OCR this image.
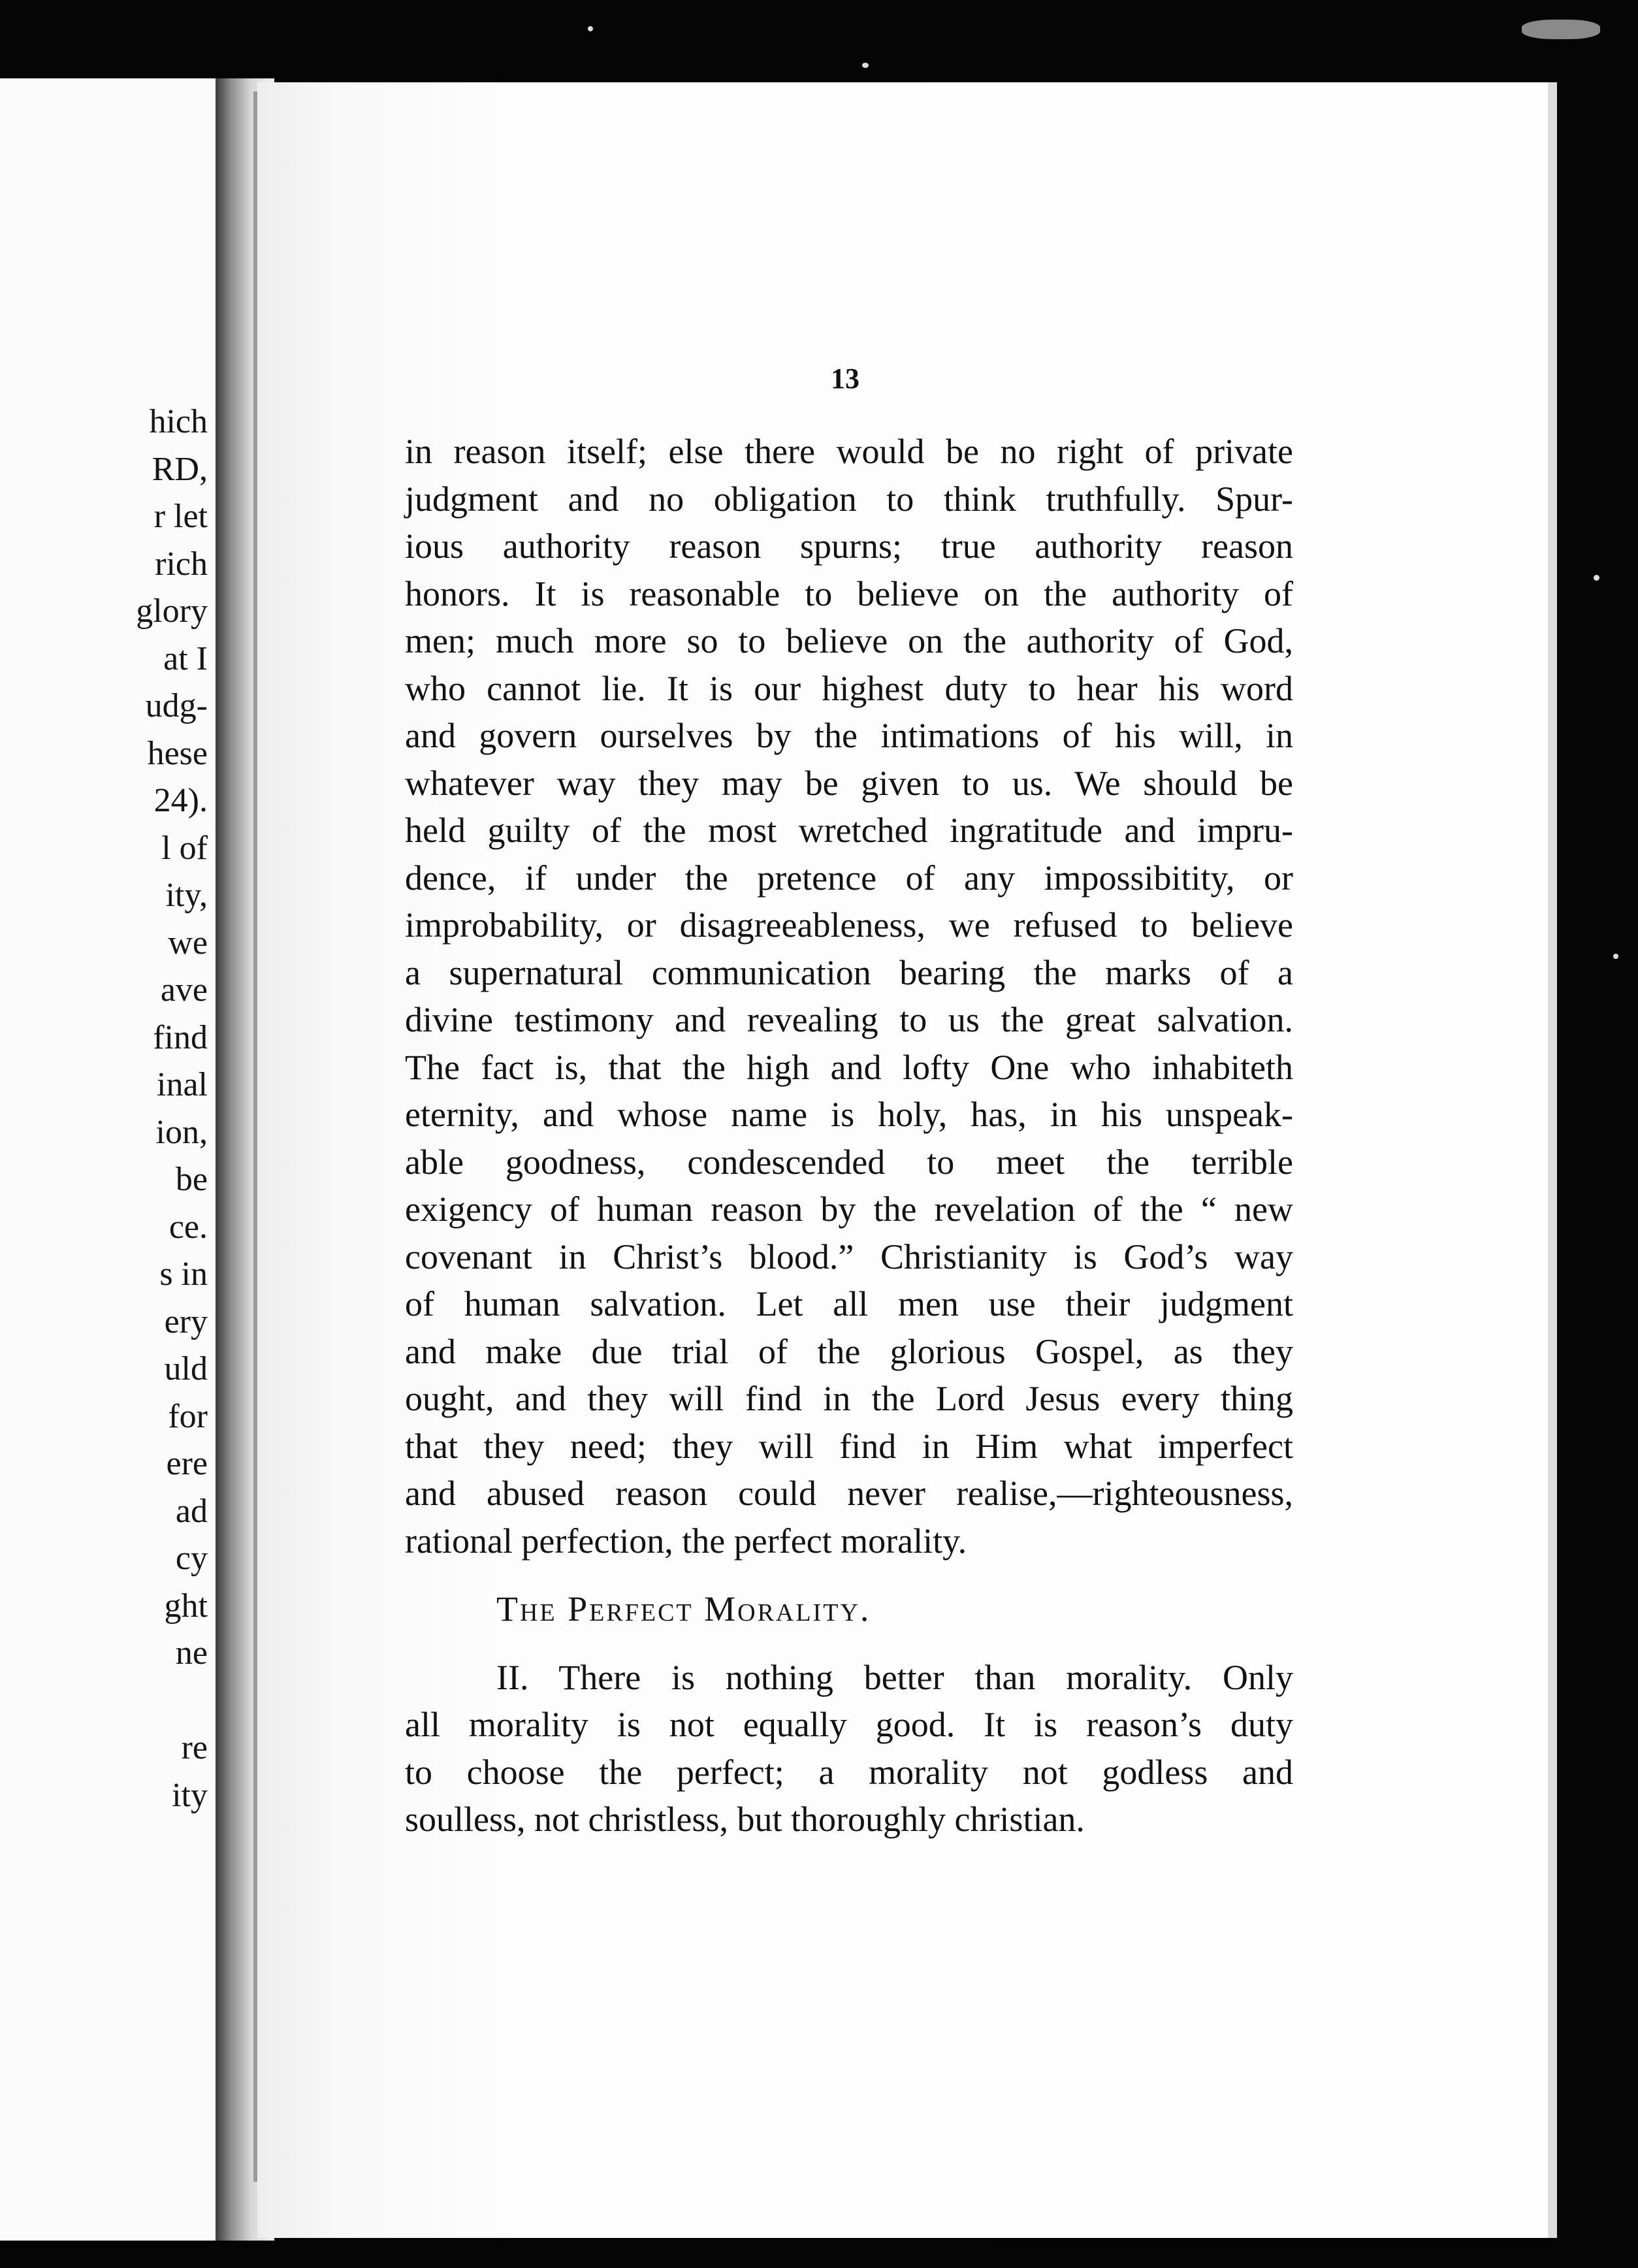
hich
RD,
r let
rich
glory
at I
udg-
hese
24).
l of
ity,
we
ave
find
inal
ion,
be
ce.
s in
ery
uld
for
ere
ad
cy
ght
ne
re
ity
13
in reason itself; else there would be no right of private
judgment and no obligation to think truthfully. Spur-
ious authority reason spurns; true authority reason
honors. It is reasonable to believe on the authority of
men; much more so to believe on the authority of God,
who cannot lie. It is our highest duty to hear his word
and govern ourselves by the intimations of his will, in
whatever way they may be given to us. We should be
held guilty of the most wretched ingratitude and impru-
dence, if under the pretence of any impossibitity, or
improbability, or disagreeableness, we refused to believe
a supernatural communication bearing the marks of a
divine testimony and revealing to us the great salvation.
The fact is, that the high and lofty One who inhabiteth
eternity, and whose name is holy, has, in his unspeak-
able goodness, condescended to meet the terrible
exigency of human reason by the revelation of the “ new
covenant in Christ’s blood.” Christianity is God’s way
of human salvation. Let all men use their judgment
and make due trial of the glorious Gospel, as they
ought, and they will find in the Lord Jesus every thing
that they need; they will find in Him what imperfect
and abused reason could never realise,—righteousness,
rational perfection, the perfect morality.
The Perfect Morality.
II. There is nothing better than morality. Only
all morality is not equally good. It is reason’s duty
to choose the perfect; a morality not godless and
soulless, not christless, but thoroughly christian.
